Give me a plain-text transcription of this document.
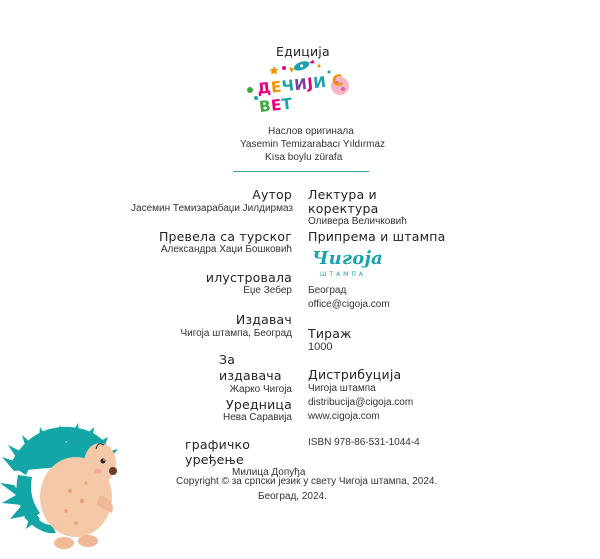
Едиција
ДЕЧИЈИ СВЕТ
Наслов оригинала
Yasemin Temizarabacı Yıldırmaz
Kısa boylu zürafa
Аутор
Јасемин Темизарабаџи Јилдирмаз
Превела са турског
Александра Хаџи Бошковић
илустровала
Еџе Зебер
Издавач
Чигоја штампа, Београд
За
издавача
Жарко Чигоја
Уредница
Нева Саравија
графичко
уређење
Милица Допуђа
Лектура и
коректура
Оливера Величковић
Припрема и штампа
Чигоја
ШТАМПА
Београд
office@cigoja.com
Тираж
1000
Дистрибуција
Чигоја штампа
distribucija@cigoja.com
www.cigoja.com
ISBN 978-86-531-1044-4
Copyright © за српски језик у свету Чигоја штампа, 2024.
Београд, 2024.
